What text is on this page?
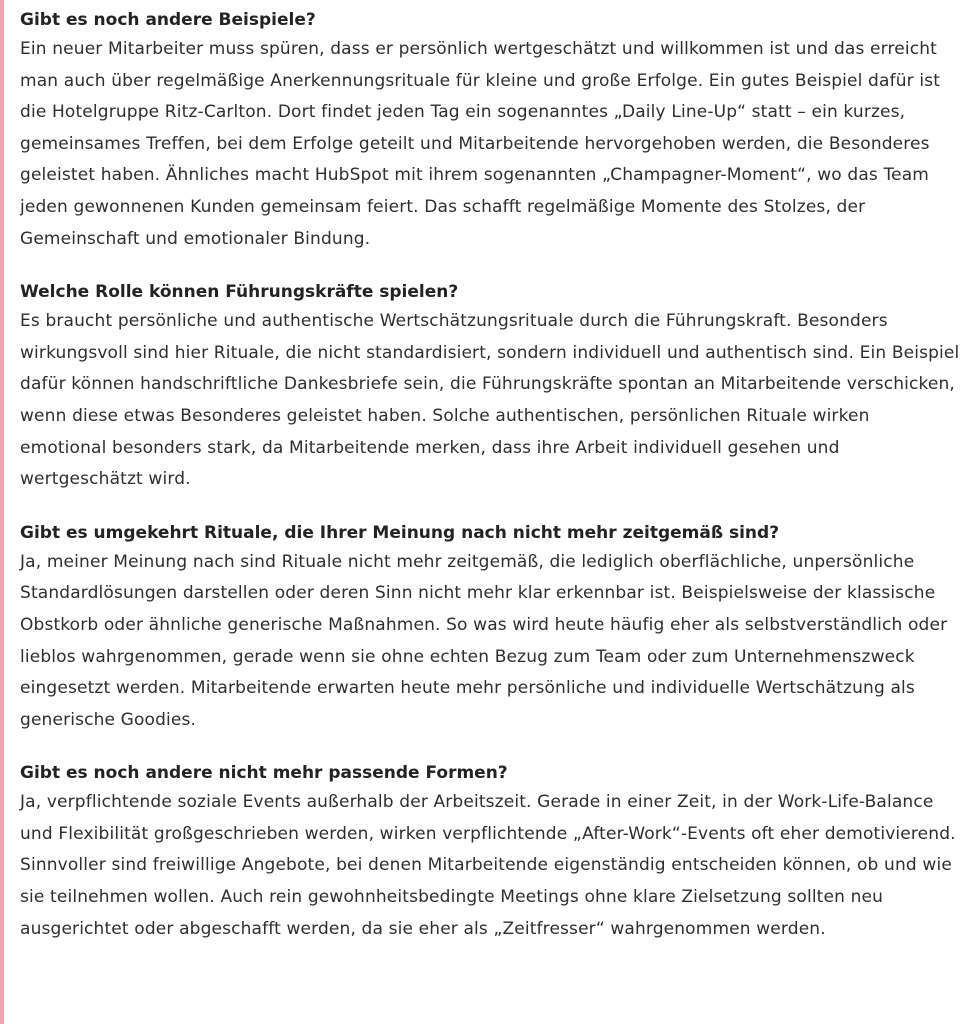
Gibt es noch andere Beispiele?

Ein neuer Mitarbeiter muss spüren, dass er persönlich wertgeschätzt und willkommen ist und das erreicht man auch über regelmäßige Anerkennungsrituale für kleine und große Erfolge. Ein gutes Beispiel dafür ist die Hotelgruppe Ritz-Carlton. Dort findet jeden Tag ein sogenanntes „Daily Line-Up“ statt – ein kurzes, gemeinsames Treffen, bei dem Erfolge geteilt und Mitarbeitende hervorgehoben werden, die Besonderes geleistet haben. Ähnliches macht HubSpot mit ihrem sogenannten „Champagner-Moment“, wo das Team jeden gewonnenen Kunden gemeinsam feiert. Das schafft regelmäßige Momente des Stolzes, der Gemeinschaft und emotionaler Bindung.

Welche Rolle können Führungskräfte spielen?

Es braucht persönliche und authentische Wertschätzungsrituale durch die Führungskraft. Besonders wirkungsvoll sind hier Rituale, die nicht standardisiert, sondern individuell und authentisch sind. Ein Beispiel dafür können handschriftliche Dankesbriefe sein, die Führungskräfte spontan an Mitarbeitende verschicken, wenn diese etwas Besonderes geleistet haben. Solche authentischen, persönlichen Rituale wirken emotional besonders stark, da Mitarbeitende merken, dass ihre Arbeit individuell gesehen und wertgeschätzt wird.

Gibt es umgekehrt Rituale, die Ihrer Meinung nach nicht mehr zeitgemäß sind?

Ja, meiner Meinung nach sind Rituale nicht mehr zeitgemäß, die lediglich oberflächliche, unpersönliche Standardlösungen darstellen oder deren Sinn nicht mehr klar erkennbar ist. Beispielsweise der klassische Obstkorb oder ähnliche generische Maßnahmen. So was wird heute häufig eher als selbstverständlich oder lieblos wahrgenommen, gerade wenn sie ohne echten Bezug zum Team oder zum Unternehmenszweck eingesetzt werden. Mitarbeitende erwarten heute mehr persönliche und individuelle Wertschätzung als generische Goodies.

Gibt es noch andere nicht mehr passende Formen?

Ja, verpflichtende soziale Events außerhalb der Arbeitszeit. Gerade in einer Zeit, in der Work-Life-Balance und Flexibilität großgeschrieben werden, wirken verpflichtende „After-Work“-Events oft eher demotivierend. Sinnvoller sind freiwillige Angebote, bei denen Mitarbeitende eigenständig entscheiden können, ob und wie sie teilnehmen wollen. Auch rein gewohnheitsbedingte Meetings ohne klare Zielsetzung sollten neu ausgerichtet oder abgeschafft werden, da sie eher als „Zeitfresser“ wahrgenommen werden.
